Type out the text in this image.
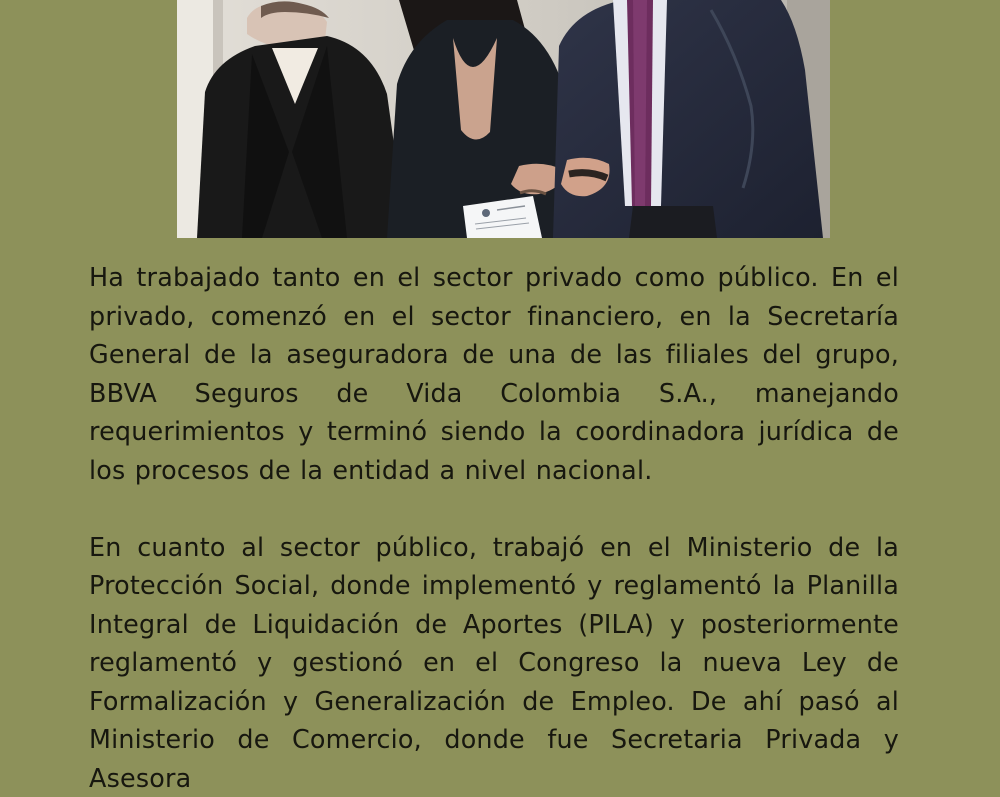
Ha trabajado tanto en el sector privado como público. En el privado, comenzó en el sector financiero, en la Secretaría General de la aseguradora de una de las filiales del grupo, BBVA Seguros de Vida Colombia S.A., manejando requerimientos y terminó siendo la coordinadora jurídica de los procesos de la entidad a nivel nacional.

En cuanto al sector público, trabajó en el Ministerio de la Protección Social, donde implementó y reglamentó la Planilla Integral de Liquidación de Aportes (PILA) y posteriormente reglamentó y gestionó en el Congreso la nueva Ley de Formalización y Generalización de Empleo. De ahí pasó al Ministerio de Comercio, donde fue Secretaria Privada y Asesora
